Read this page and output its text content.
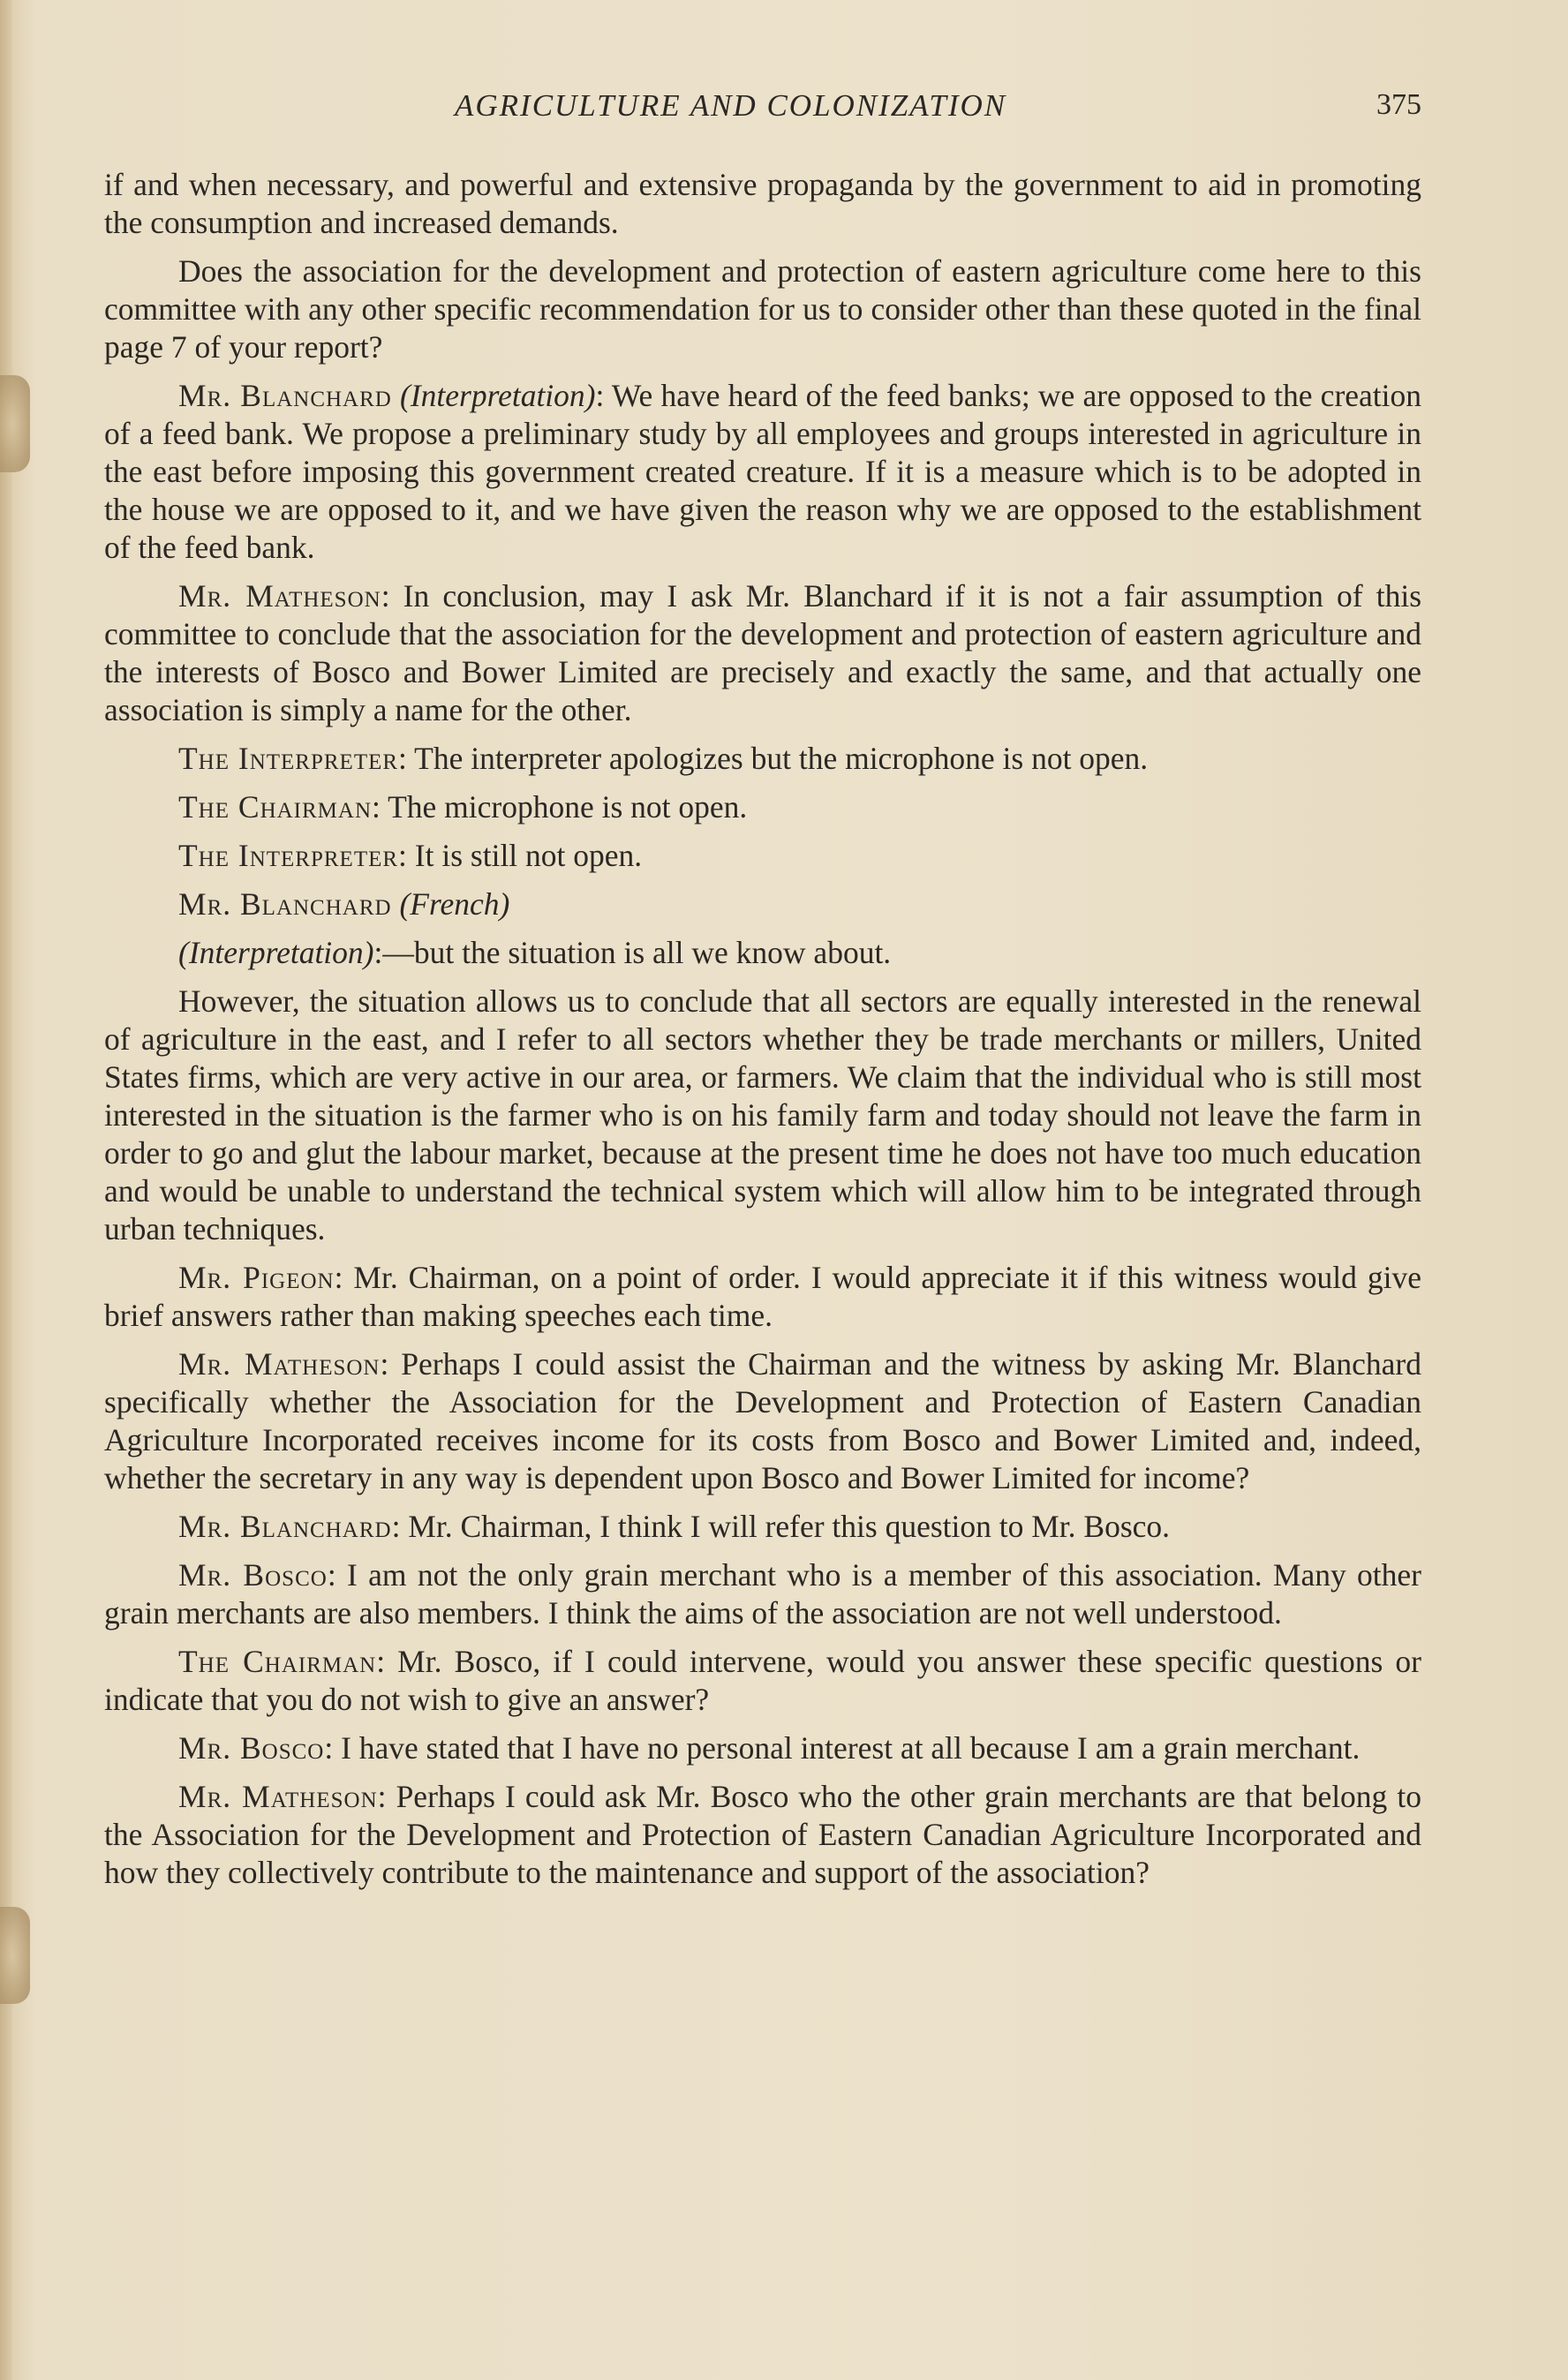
AGRICULTURE AND COLONIZATION	375

if and when necessary, and powerful and extensive propaganda by the government to aid in promoting the consumption and increased demands.

Does the association for the development and protection of eastern agriculture come here to this committee with any other specific recommendation for us to consider other than these quoted in the final page 7 of your report?

Mr. Blanchard (Interpretation): We have heard of the feed banks; we are opposed to the creation of a feed bank. We propose a preliminary study by all employees and groups interested in agriculture in the east before imposing this government created creature. If it is a measure which is to be adopted in the house we are opposed to it, and we have given the reason why we are opposed to the establishment of the feed bank.

Mr. Matheson: In conclusion, may I ask Mr. Blanchard if it is not a fair assumption of this committee to conclude that the association for the development and protection of eastern agriculture and the interests of Bosco and Bower Limited are precisely and exactly the same, and that actually one association is simply a name for the other.

The Interpreter: The interpreter apologizes but the microphone is not open.

The Chairman: The microphone is not open.

The Interpreter: It is still not open.

Mr. Blanchard (French)

(Interpretation):—but the situation is all we know about.

However, the situation allows us to conclude that all sectors are equally interested in the renewal of agriculture in the east, and I refer to all sectors whether they be trade merchants or millers, United States firms, which are very active in our area, or farmers. We claim that the individual who is still most interested in the situation is the farmer who is on his family farm and today should not leave the farm in order to go and glut the labour market, because at the present time he does not have too much education and would be unable to understand the technical system which will allow him to be integrated through urban techniques.

Mr. Pigeon: Mr. Chairman, on a point of order. I would appreciate it if this witness would give brief answers rather than making speeches each time.

Mr. Matheson: Perhaps I could assist the Chairman and the witness by asking Mr. Blanchard specifically whether the Association for the Development and Protection of Eastern Canadian Agriculture Incorporated receives income for its costs from Bosco and Bower Limited and, indeed, whether the secretary in any way is dependent upon Bosco and Bower Limited for income?

Mr. Blanchard: Mr. Chairman, I think I will refer this question to Mr. Bosco.

Mr. Bosco: I am not the only grain merchant who is a member of this association. Many other grain merchants are also members. I think the aims of the association are not well understood.

The Chairman: Mr. Bosco, if I could intervene, would you answer these specific questions or indicate that you do not wish to give an answer?

Mr. Bosco: I have stated that I have no personal interest at all because I am a grain merchant.

Mr. Matheson: Perhaps I could ask Mr. Bosco who the other grain merchants are that belong to the Association for the Development and Protection of Eastern Canadian Agriculture Incorporated and how they collectively contribute to the maintenance and support of the association?
